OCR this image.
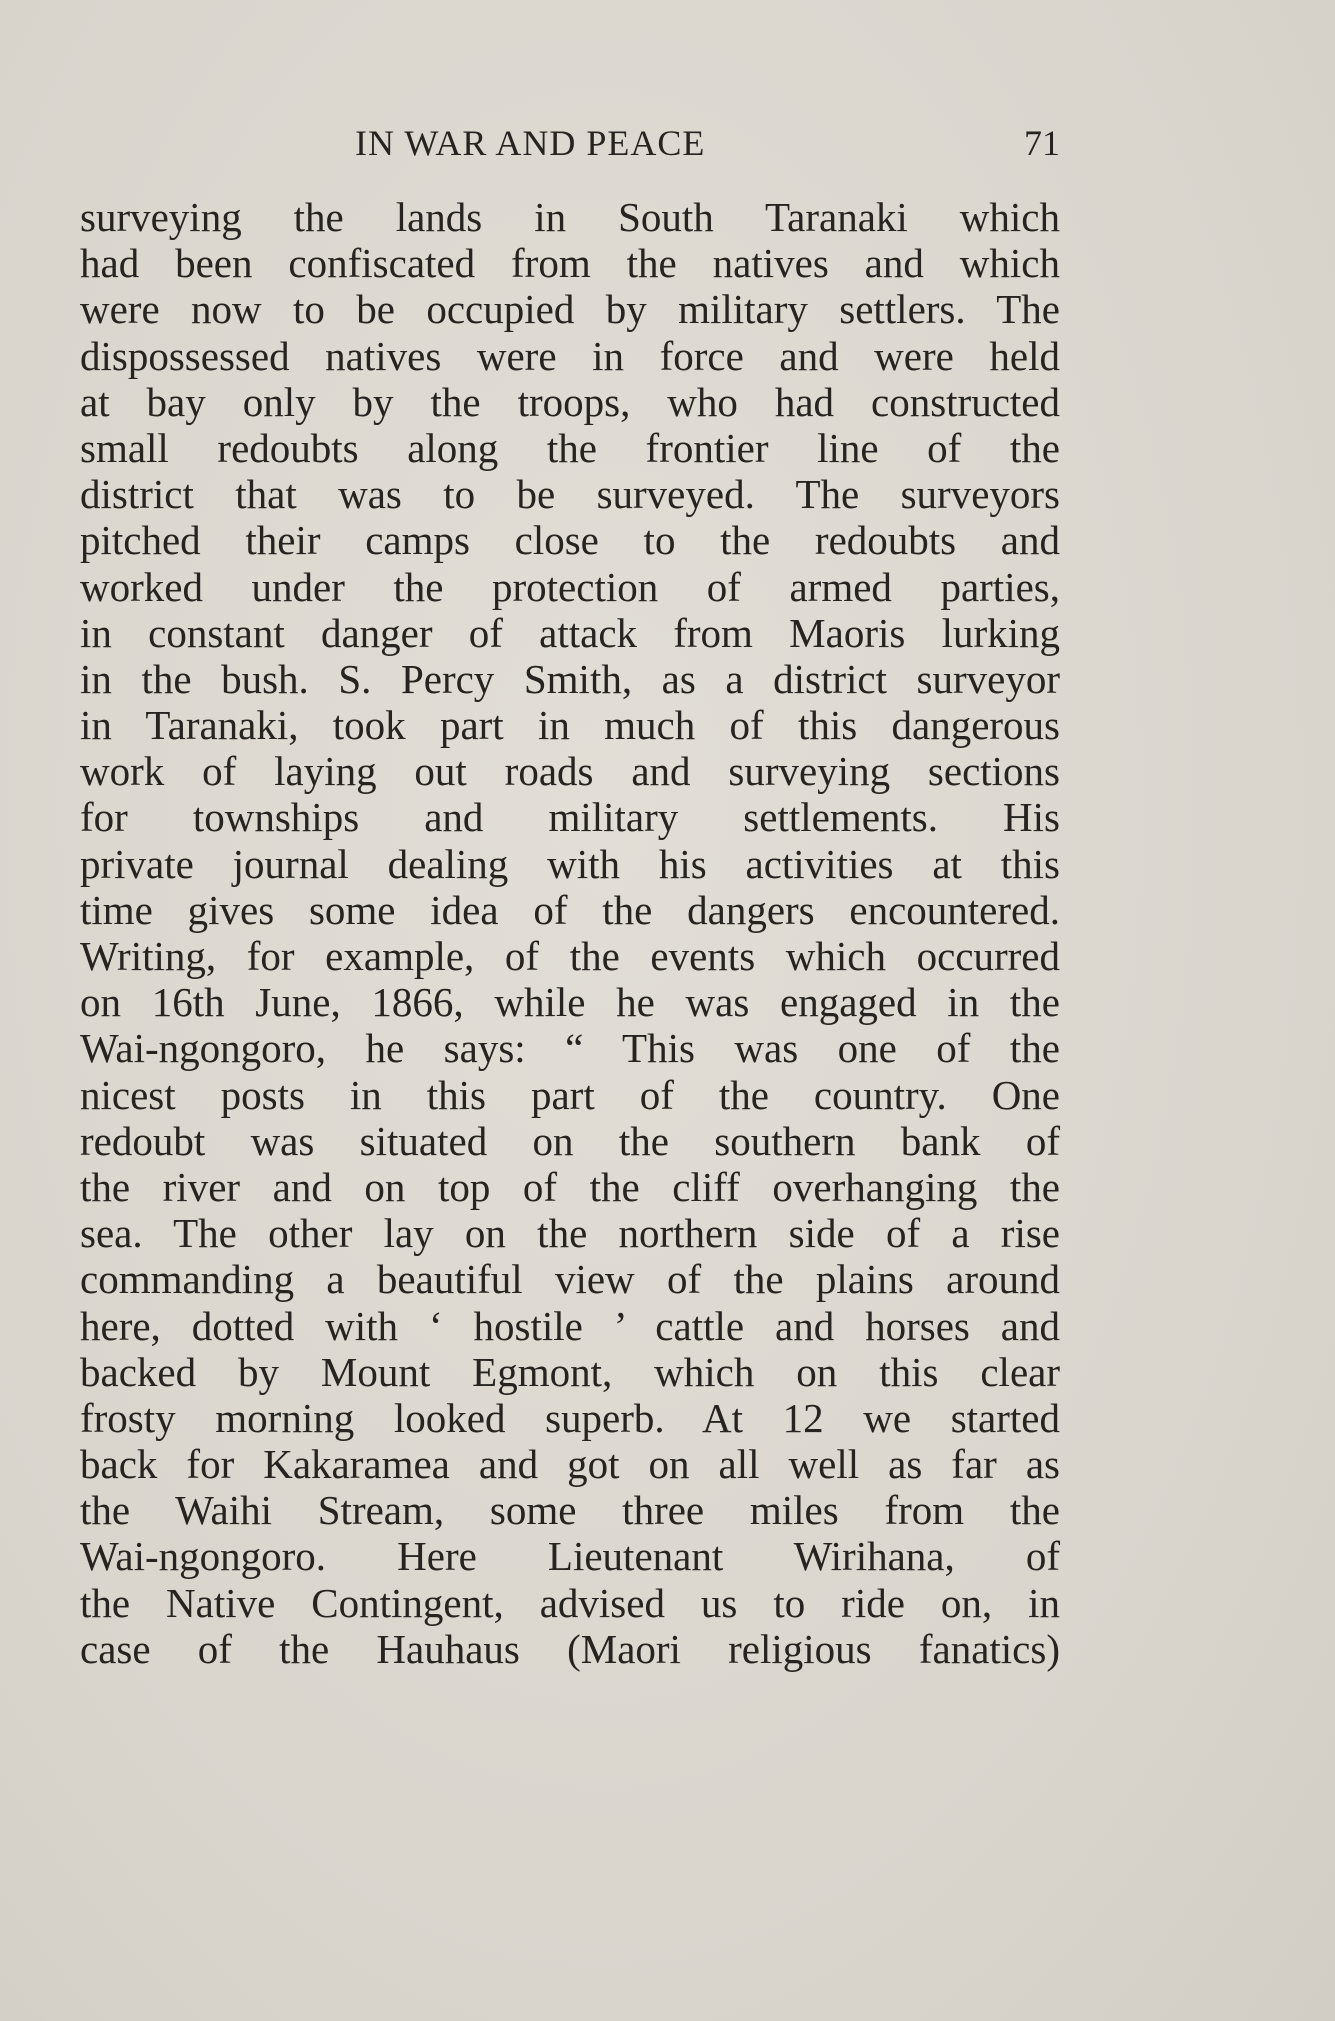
IN WAR AND PEACE	71
surveying the lands in South Taranaki which
had been confiscated from the natives and which
were now to be occupied by military settlers. The
dispossessed natives were in force and were held
at bay only by the troops, who had constructed
small redoubts along the frontier line of the
district that was to be surveyed. The surveyors
pitched their camps close to the redoubts and
worked under the protection of armed parties,
in constant danger of attack from Maoris lurking
in the bush. S. Percy Smith, as a district surveyor
in Taranaki, took part in much of this dangerous
work of laying out roads and surveying sections
for townships and military settlements. His
private journal dealing with his activities at this
time gives some idea of the dangers encountered.
Writing, for example, of the events which occurred
on 16th June, 1866, while he was engaged in the
Wai-ngongoro, he says: “ This was one of the
nicest posts in this part of the country. One
redoubt was situated on the southern bank of
the river and on top of the cliff overhanging the
sea. The other lay on the northern side of a rise
commanding a beautiful view of the plains around
here, dotted with ‘ hostile ’ cattle and horses and
backed by Mount Egmont, which on this clear
frosty morning looked superb. At 12 we started
back for Kakaramea and got on all well as far as
the Waihi Stream, some three miles from the
Wai-ngongoro. Here Lieutenant Wirihana, of
the Native Contingent, advised us to ride on, in
case of the Hauhaus (Maori religious fanatics)
